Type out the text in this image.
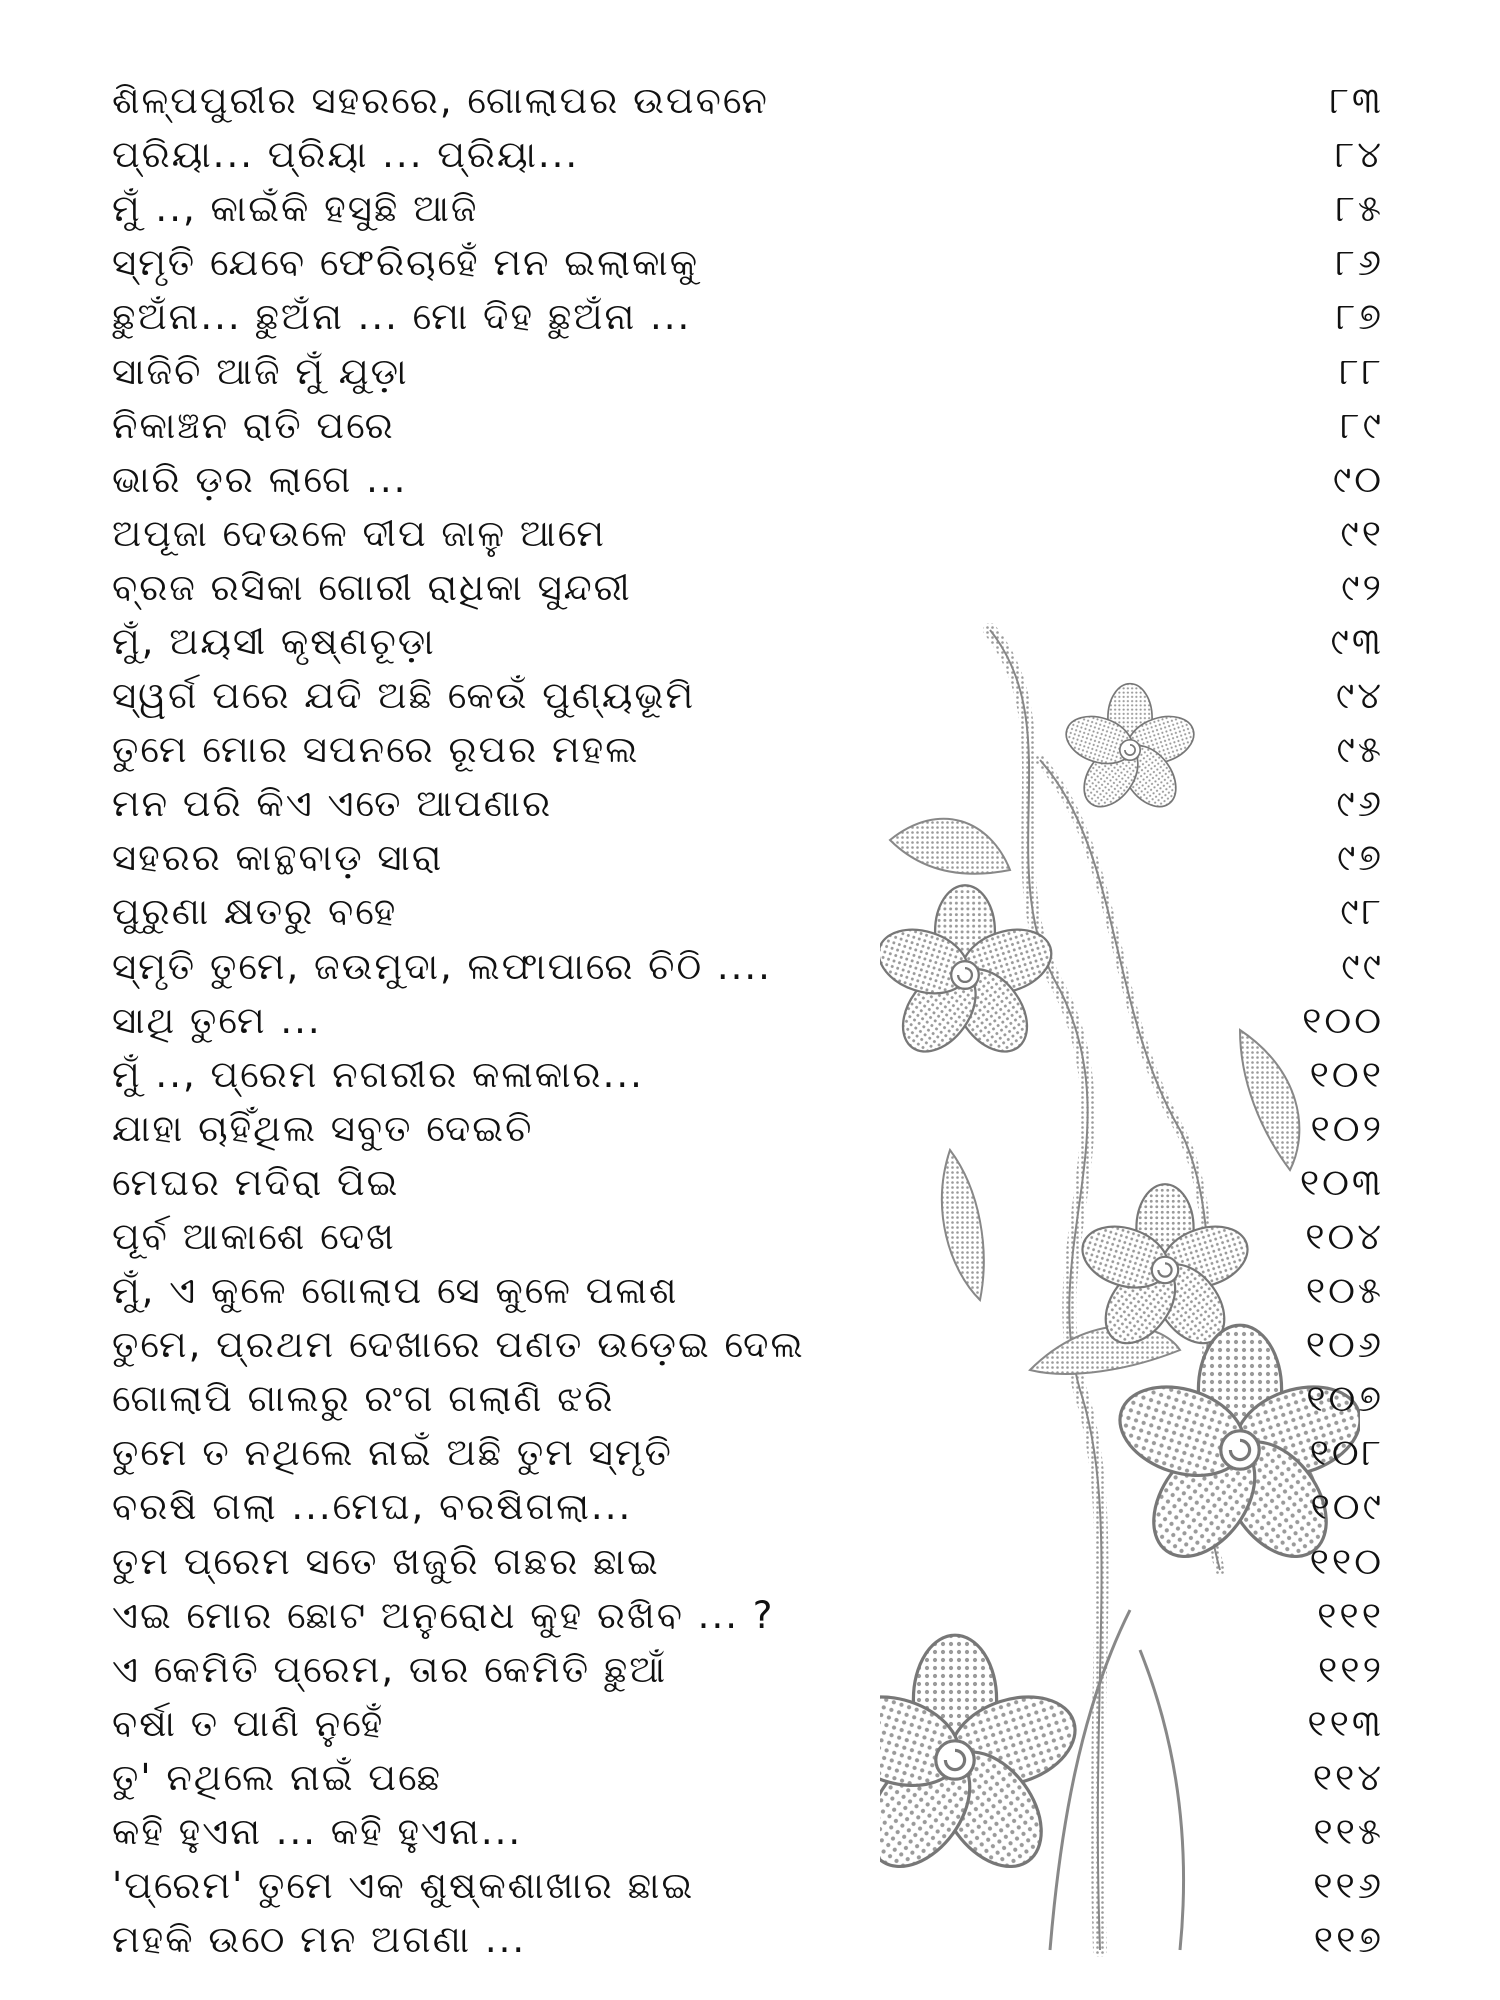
ଶିଳ୍ପପୁରୀର ସହରରେ, ଗୋଲାପର ଉପବନେ	୮୩
ପ୍ରିୟା... ପ୍ରିୟା ... ପ୍ରିୟା...	୮୪
ମୁଁ .., କାଇଁକି ହସୁଛି ଆଜି	୮୫
ସ୍ମୃତି ଯେବେ ଫେରିଚାହେଁ ମନ ଇଲାକାକୁ	୮୬
ଛୁଅଁନା... ଛୁଅଁନା ... ମୋ ଦିହ ଛୁଅଁନା ...	୮୭
ସାଜିଚି ଆଜି ମୁଁ ଯୁଡ଼ା	୮୮
ନିକାଞ୍ଚନ ରାତି ପରେ	୮୯
ଭାରି ଡ଼ର ଲାଗେ ...	୯୦
ଅପୂଜା ଦେଉଳେ ଦୀପ ଜାଳୁ ଆମେ	୯୧
ବ୍ରଜ ରସିକା ଗୋରୀ ରାଧିକା ସୁନ୍ଦରୀ	୯୨
ମୁଁ, ଅୟସୀ କୃଷ୍ଣଚୂଡ଼ା	୯୩
ସ୍ୱର୍ଗ ପରେ ଯଦି ଅଛି କେଉଁ ପୁଣ୍ୟଭୂମି	୯୪
ତୁମେ ମୋର ସପନରେ ରୂପର ମହଲ	୯୫
ମନ ପରି କିଏ ଏତେ ଆପଣାର	୯୬
ସହରର କାନ୍ଥବାଡ଼ ସାରା	୯୭
ପୁରୁଣା କ୍ଷତରୁ ବହେ	୯୮
ସ୍ମୃତି ତୁମେ, ଜଉମୁଦା, ଲଫାପାରେ ଚିଠି ....	୯୯
ସାଥି ତୁମେ ...	୧୦୦
ମୁଁ .., ପ୍ରେମ ନଗରୀର କଳାକାର...	୧୦୧
ଯାହା ଚାହିଁଥିଲ ସବୁତ ଦେଇଚି	୧୦୨
ମେଘର ମଦିରା ପିଇ	୧୦୩
ପୂର୍ବ ଆକାଶେ ଦେଖ	୧୦୪
ମୁଁ, ଏ କୁଳେ ଗୋଲାପ ସେ କୁଳେ ପଳାଶ	୧୦୫
ତୁମେ, ପ୍ରଥମ ଦେଖାରେ ପଣତ ଉଡ଼େଇ ଦେଲ	୧୦୬
ଗୋଲାପି ଗାଲରୁ ରଂଗ ଗଲାଣି ଝରି	୧୦୭
ତୁମେ ତ ନଥିଲେ ନାଇଁ ଅଛି ତୁମ ସ୍ମୃତି	୧୦୮
ବରଷି ଗଲା ...ମେଘ, ବରଷିଗଲା...	୧୦୯
ତୁମ ପ୍ରେମ ସତେ ଖଜୁରି ଗଛର ଛାଇ	୧୧୦
ଏଇ ମୋର ଛୋଟ ଅନୁରୋଧ କୁହ ରଖିବ ... ?	୧୧୧
ଏ କେମିତି ପ୍ରେମ, ତାର କେମିତି ଛୁଆଁ	୧୧୨
ବର୍ଷା ତ ପାଣି ନୁହେଁ	୧୧୩
ତୁ' ନଥିଲେ ନାଇଁ ପଛେ	୧୧୪
କହି ହୁଏନା ... କହି ହୁଏନା...	୧୧୫
'ପ୍ରେମ' ତୁମେ ଏକ ଶୁଷ୍କଶାଖାର ଛାଇ	୧୧୬
ମହକି ଉଠେ ମନ ଅଗଣା ...	୧୧୭
